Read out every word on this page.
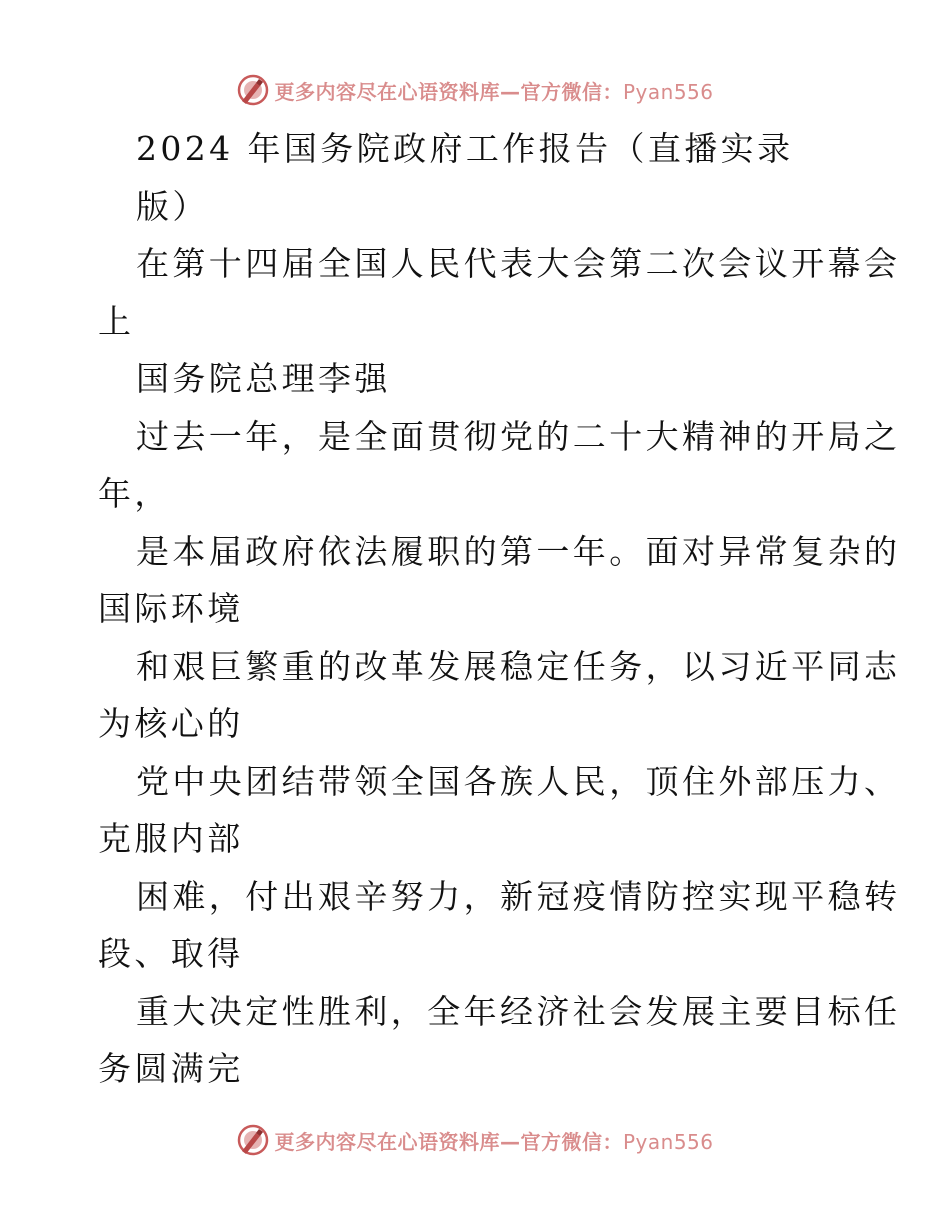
更多内容尽在心语资料库—官方微信：Pyan556
2024 年国务院政府工作报告（直播实录
版）
在第十四届全国人民代表大会第二次会议开幕会
上
国务院总理李强
过去一年，是全面贯彻党的二十大精神的开局之
年，
是本届政府依法履职的第一年。面对异常复杂的
国际环境
和艰巨繁重的改革发展稳定任务，以习近平同志
为核心的
党中央团结带领全国各族人民，顶住外部压力、
克服内部
困难，付出艰辛努力，新冠疫情防控实现平稳转
段、取得
重大决定性胜利，全年经济社会发展主要目标任
务圆满完
更多内容尽在心语资料库—官方微信：Pyan556
